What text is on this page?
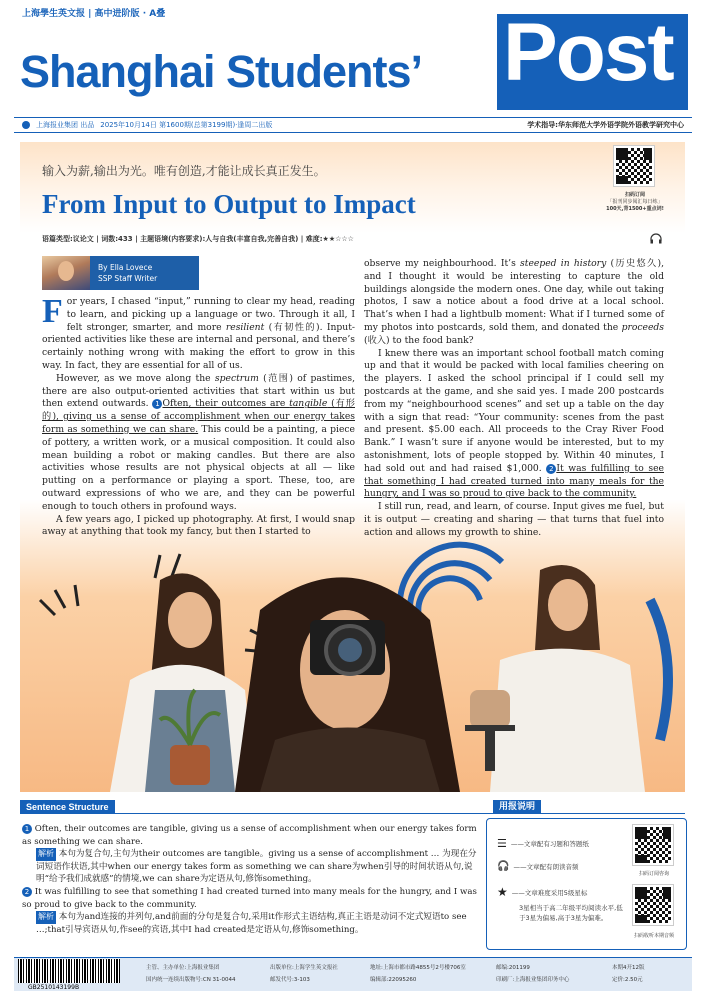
上海學生英文报 | 高中进阶版 · A叠
Shanghai Students’ Post
上海报业集团 出品 2025年10月14日 第1600期(总第3199期)·逢周二出版	学术指导:华东师范大学外语学院外语教学研究中心
输入为薪,输出为光。唯有创造,才能让成长真正发生。
From Input to Output to Impact	扫码订阅
「报刊同步阅汇每日练」
100天,背1500+重点词!
语篇类型:议论文 | 词数:433 | 主题语境(内容要求):人与自我(丰富自我,完善自我) | 难度:★★☆☆☆
By Ella Lovece
SSP Staff Writer

For years, I chased “input,” running to clear my head, reading to learn, and picking up a language or two. Through it all, I felt stronger, smarter, and more resilient (有韧性的). Input-oriented activities like these are internal and personal, and there’s certainly nothing wrong with making the effort to grow in this way. In fact, they are essential for all of us.

However, as we move along the spectrum (范围) of pastimes, there are also output-oriented activities that start within us but then extend outwards. 1 Often, their outcomes are tangible (有形的), giving us a sense of accomplishment when our energy takes form as something we can share. This could be a painting, a piece of pottery, a written work, or a musical composition. It could also mean building a robot or making candles. But there are also activities whose results are not physical objects at all — like putting on a performance or playing a sport. These, too, are outward expressions of who we are, and they can be powerful enough to touch others in profound ways.

A few years ago, I picked up photography. At first, I would snap away at anything that took my fancy, but then I started to

observe my neighbourhood. It’s steeped in history (历史悠久), and I thought it would be interesting to capture the old buildings alongside the modern ones. One day, while out taking photos, I saw a notice about a food drive at a local school. That’s when I had a lightbulb moment: What if I turned some of my photos into postcards, sold them, and donated the proceeds (收入) to the food bank?

I knew there was an important school football match coming up and that it would be packed with local families cheering on the players. I asked the school principal if I could sell my postcards at the game, and she said yes. I made 200 postcards from my “neighbourhood scenes” and set up a table on the day with a sign that read: “Your community: scenes from the past and present. $5.00 each. All proceeds to the Cray River Food Bank.” I wasn’t sure if anyone would be interested, but to my astonishment, lots of people stopped by. Within 40 minutes, I had sold out and had raised $1,000. 2 It was fulfilling to see that something I had created turned into many meals for the hungry, and I was so proud to give back to the community.

I still run, read, and learn, of course. Input gives me fuel, but it is output — creating and sharing — that turns that fuel into action and allows my growth to shine.

Sentence Structure	用报说明
1 Often, their outcomes are tangible, giving us a sense of accomplishment when our energy takes form as something we can share.
解析 本句为复合句,主句为their outcomes are tangible。giving us a sense of accomplishment … 为现在分词短语作状语,其中when our energy takes form as something we can share为when引导的时间状语从句,说明“给予我们成就感”的情境,we can share为定语从句,修饰something。
2 It was fulfilling to see that something I had created turned into many meals for the hungry, and I was so proud to give back to the community.
解析 本句为and连接的并列句,and前面的分句是复合句,采用it作形式主语结构,真正主语是动词不定式短语to see …;that引导宾语从句,作see的宾语,其中I had created是定语从句,修饰something。
☰ ——文章配有习题和答题纸
🎧 ——文章配有朗读音频
★ ——文章难度采用5级星标
3星相当于高二年级平均阅读水平,低于3星为偏易,高于3星为偏难。
扫码订阅咨询
扫码收听本期音频
主管、主办单位:上海报业集团
国内统一连续出版物号:CN 31-0044
出版单位:上海学生英文报社
邮发代号:3-103
地址:上海市都市路4855号2号楼706室
编辑部:22095260
邮编:201199
印刷厂:上海报业集团印务中心
本期4开12版
定价:2.50元
GB2510143199B
